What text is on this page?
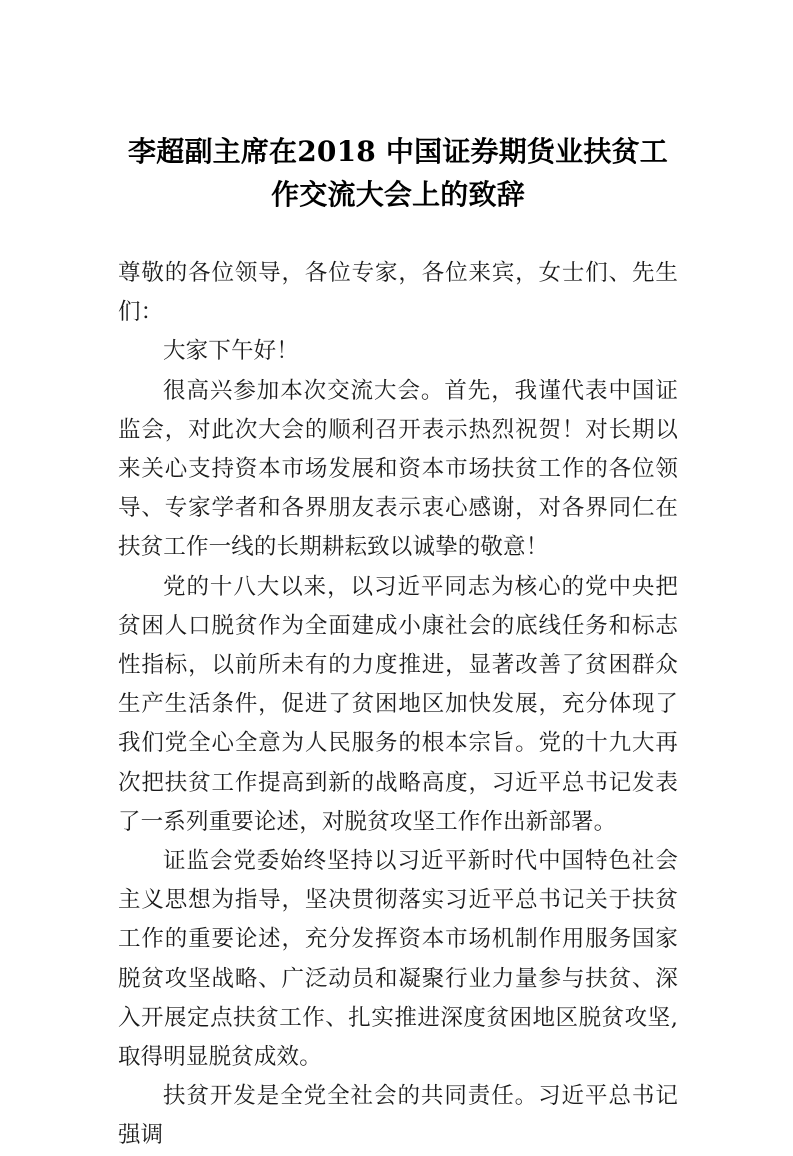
李超副主席在2018 中国证券期货业扶贫工作交流大会上的致辞

尊敬的各位领导，各位专家，各位来宾，女士们、先生们：

大家下午好！

很高兴参加本次交流大会。首先，我谨代表中国证监会，对此次大会的顺利召开表示热烈祝贺！对长期以来关心支持资本市场发展和资本市场扶贫工作的各位领导、专家学者和各界朋友表示衷心感谢，对各界同仁在扶贫工作一线的长期耕耘致以诚挚的敬意！

党的十八大以来，以习近平同志为核心的党中央把贫困人口脱贫作为全面建成小康社会的底线任务和标志性指标，以前所未有的力度推进，显著改善了贫困群众生产生活条件，促进了贫困地区加快发展，充分体现了我们党全心全意为人民服务的根本宗旨。党的十九大再次把扶贫工作提高到新的战略高度，习近平总书记发表了一系列重要论述，对脱贫攻坚工作作出新部署。

证监会党委始终坚持以习近平新时代中国特色社会主义思想为指导，坚决贯彻落实习近平总书记关于扶贫工作的重要论述，充分发挥资本市场机制作用服务国家脱贫攻坚战略、广泛动员和凝聚行业力量参与扶贫、深入开展定点扶贫工作、扎实推进深度贫困地区脱贫攻坚,取得明显脱贫成效。

扶贫开发是全党全社会的共同责任。习近平总书记强调
